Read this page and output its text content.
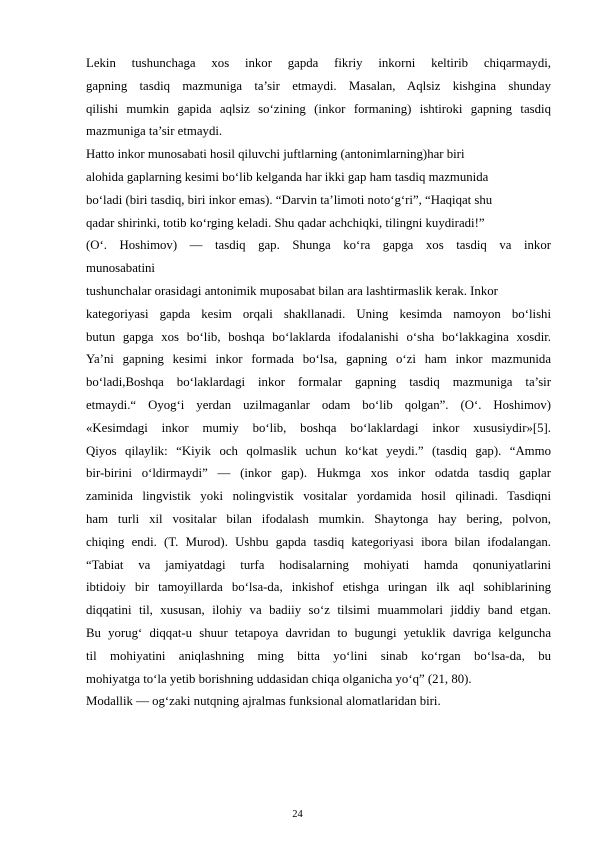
Lekin tushunchaga xos inkor gapda fikriy inkorni keltirib chiqarmaydi,

gapning tasdiq mazmuniga ta’sir etmaydi. Masalan, Aqlsiz kishgina shunday

qilishi mumkin gapida aqlsiz so‘zining (inkor formaning) ishtiroki gapning tasdiq

mazmuniga ta’sir etmaydi.

Hatto inkor munosabati hosil qiluvchi juftlarning (antonimlarning)har biri

alohida gaplarning kesimi bo‘lib kelganda har ikki gap ham tasdiq mazmunida

bo‘ladi (biri tasdiq, biri inkor emas). “Darvin ta’limoti noto‘g‘ri”, “Haqiqat shu

qadar shirinki, totib ko‘rging keladi. Shu qadar achchiqki, tilingni kuydiradi!”

(O‘. Hoshimov) — tasdiq gap. Shunga ko‘ra gapga xos tasdiq va inkor

munosabatini

tushunchalar orasidagi antonimik muposabat bilan ara lashtirmaslik kerak. Inkor

kategoriyasi gapda kesim orqali shakllanadi. Uning kesimda namoyon bo‘lishi

butun gapga xos bo‘lib, boshqa bo‘laklarda ifodalanishi o‘sha bo‘lakkagina xosdir.

Ya’ni gapning kesimi inkor formada bo‘lsa, gapning o‘zi ham inkor mazmunida

bo‘ladi,Boshqa bo‘laklardagi inkor formalar gapning tasdiq mazmuniga ta’sir

etmaydi.“ Oyog‘i yerdan uzilmaganlar odam bo‘lib qolgan”. (O‘. Hoshimov)

«Kesimdagi inkor mumiy bo‘lib, boshqa bo‘laklardagi inkor xususiydir»[5].

Qiyos qilaylik: “Kiyik och qolmaslik uchun ko‘kat yeydi.” (tasdiq gap). “Ammo

bir-birini o‘ldirmaydi” — (inkor gap). Hukmga xos inkor odatda tasdiq gaplar

zaminida lingvistik yoki nolingvistik vositalar yordamida hosil qilinadi. Tasdiqni

ham turli xil vositalar bilan ifodalash mumkin. Shaytonga hay bering, polvon,

chiqing endi. (T. Murod). Ushbu gapda tasdiq kategoriyasi ibora bilan ifodalangan.

“Tabiat va jamiyatdagi turfa hodisalarning mohiyati hamda qonuniyatlarini

ibtidoiy bir tamoyillarda bo‘lsa-da, inkishof etishga uringan ilk aql sohiblarining

diqqatini til, xususan, ilohiy va badiiy so‘z tilsimi muammolari jiddiy band etgan.

Bu yorug‘ diqqat-u shuur tetapoya davridan to bugungi yetuklik davriga kelguncha

til mohiyatini aniqlashning ming bitta yo‘lini sinab ko‘rgan bo‘lsa-da, bu

mohiyatga to‘la yetib borishning uddasidan chiqa olganicha yo‘q” (21, 80).

Modallik — og‘zaki nutqning ajralmas funksional alomatlaridan biri.

24
